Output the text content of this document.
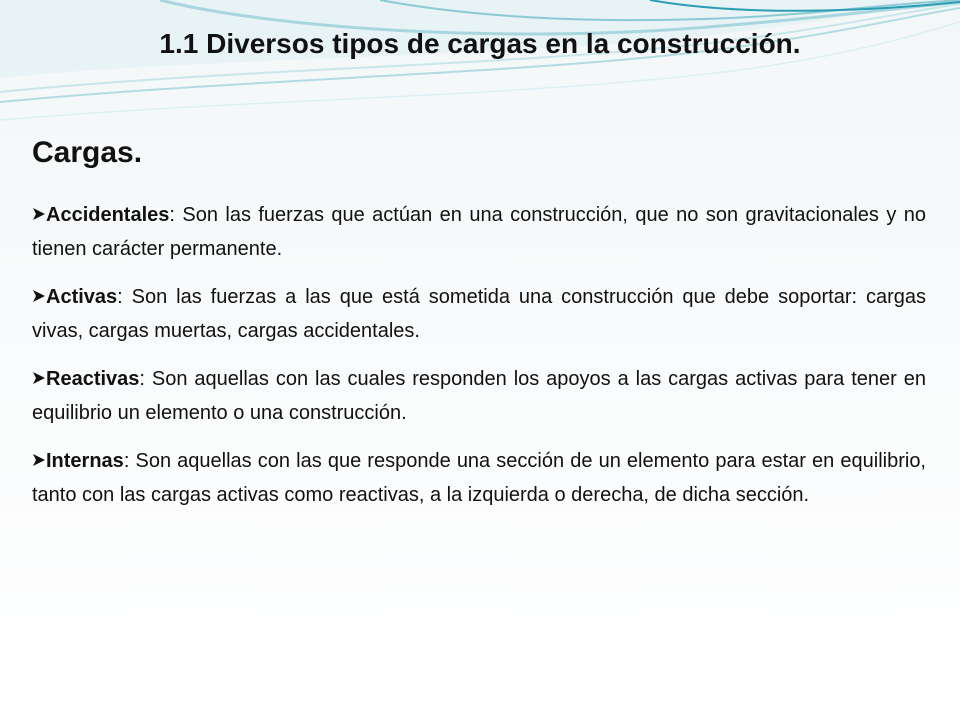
1.1 Diversos tipos de cargas en la construcción.
Cargas.

Accidentales: Son las fuerzas que actúan en una construcción, que no son gravitacionales y no tienen carácter permanente.

Activas: Son las fuerzas a las que está sometida una construcción que debe soportar: cargas vivas, cargas muertas, cargas accidentales.

Reactivas: Son aquellas con las cuales responden los apoyos a las cargas activas para tener en equilibrio un elemento o una construcción.

Internas: Son aquellas con las que responde una sección de un elemento para estar en equilibrio, tanto con las cargas activas como reactivas, a la izquierda o derecha, de dicha sección.
